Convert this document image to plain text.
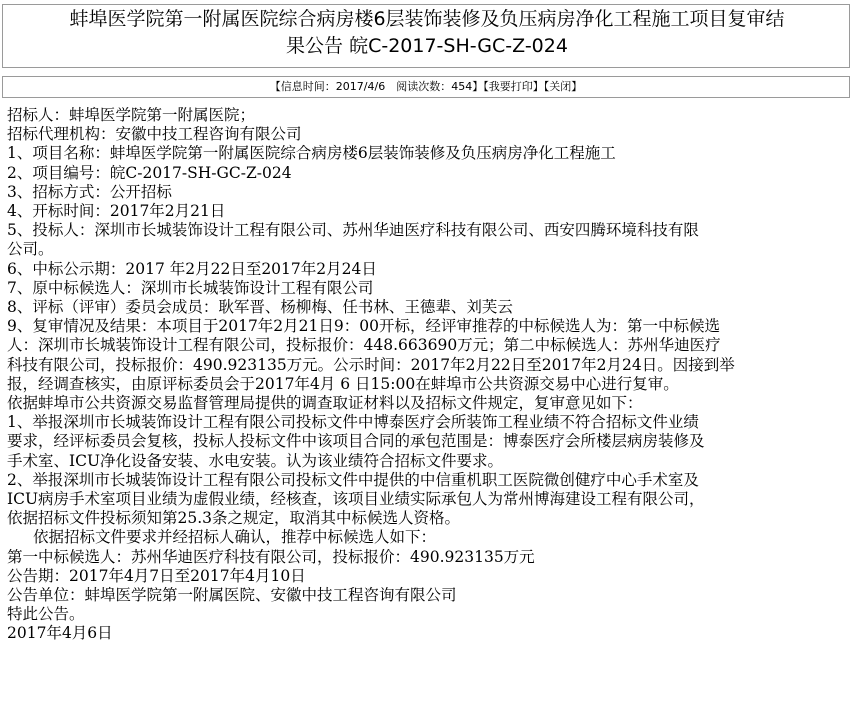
蚌埠医学院第一附属医院综合病房楼6层装饰装修及负压病房净化工程施工项目复审结
果公告 皖C-2017-SH-GC-Z-024
【信息时间：2017/4/6　阅读次数：454】【我要打印】【关闭】

招标人：蚌埠医学院第一附属医院；

招标代理机构：安徽中技工程咨询有限公司

1、项目名称：蚌埠医学院第一附属医院综合病房楼6层装饰装修及负压病房净化工程施工

2、项目编号：皖C-2017-SH-GC-Z-024

3、招标方式：公开招标

4、开标时间：2017年2月21日

5、投标人：深圳市长城装饰设计工程有限公司、苏州华迪医疗科技有限公司、西安四腾环境科技有限

公司。

6、中标公示期：2017 年2月22日至2017年2月24日

7、原中标候选人：深圳市长城装饰设计工程有限公司

8、评标（评审）委员会成员：耿军晋、杨柳梅、任书林、王德辈、刘芙云

9、复审情况及结果：本项目于2017年2月21日9：00开标，经评审推荐的中标候选人为：第一中标候选

人：深圳市长城装饰设计工程有限公司，投标报价：448.663690万元；第二中标候选人：苏州华迪医疗

科技有限公司，投标报价：490.923135万元。公示时间：2017年2月22日至2017年2月24日。因接到举

报，经调查核实，由原评标委员会于2017年4月 6 日15:00在蚌埠市公共资源交易中心进行复审。

依据蚌埠市公共资源交易监督管理局提供的调查取证材料以及招标文件规定，复审意见如下：

1、举报深圳市长城装饰设计工程有限公司投标文件中博泰医疗会所装饰工程业绩不符合招标文件业绩

要求，经评标委员会复核，投标人投标文件中该项目合同的承包范围是：博泰医疗会所楼层病房装修及

手术室、ICU净化设备安装、水电安装。认为该业绩符合招标文件要求。

2、举报深圳市长城装饰设计工程有限公司投标文件中提供的中信重机职工医院微创健疗中心手术室及

ICU病房手术室项目业绩为虚假业绩，经核查，该项目业绩实际承包人为常州博海建设工程有限公司，

依据招标文件投标须知第25.3条之规定，取消其中标候选人资格。

依据招标文件要求并经招标人确认，推荐中标候选人如下：

第一中标候选人：苏州华迪医疗科技有限公司，投标报价：490.923135万元

公告期：2017年4月7日至2017年4月10日

公告单位：蚌埠医学院第一附属医院、安徽中技工程咨询有限公司

特此公告。

2017年4月6日
